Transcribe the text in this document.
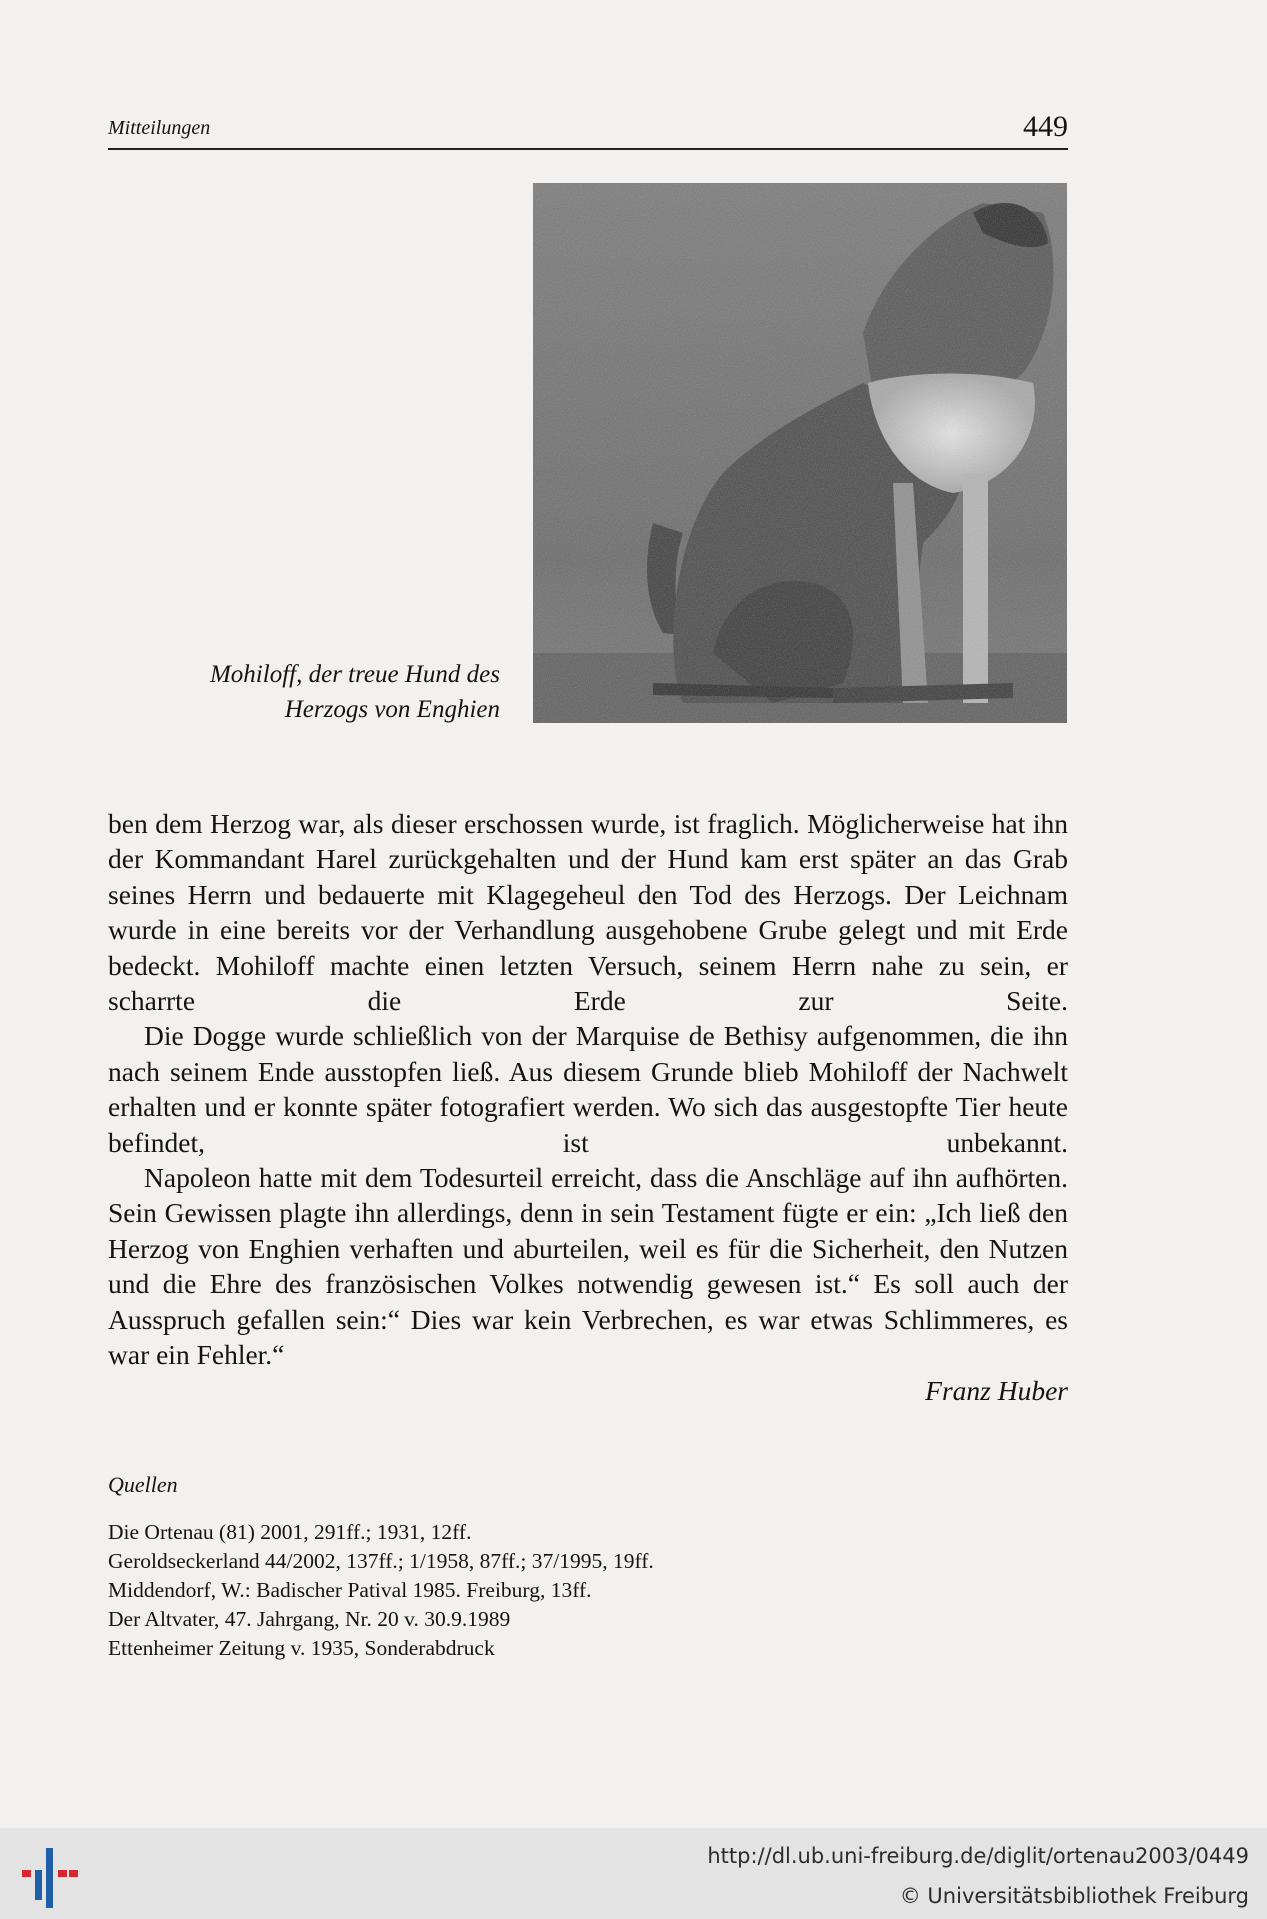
Mitteilungen	449
Mohiloff, der treue Hund des
Herzogs von Enghien

ben dem Herzog war, als dieser erschossen wurde, ist fraglich. Möglicherweise hat ihn der Kommandant Harel zurückgehalten und der Hund kam erst später an das Grab seines Herrn und bedauerte mit Klagegeheul den Tod des Herzogs. Der Leichnam wurde in eine bereits vor der Verhandlung ausgehobene Grube gelegt und mit Erde bedeckt. Mohiloff machte einen letzten Versuch, seinem Herrn nahe zu sein, er scharrte die Erde zur Seite.

Die Dogge wurde schließlich von der Marquise de Bethisy aufgenommen, die ihn nach seinem Ende ausstopfen ließ. Aus diesem Grunde blieb Mohiloff der Nachwelt erhalten und er konnte später fotografiert werden. Wo sich das ausgestopfte Tier heute befindet, ist unbekannt.

Napoleon hatte mit dem Todesurteil erreicht, dass die Anschläge auf ihn aufhörten. Sein Gewissen plagte ihn allerdings, denn in sein Testament fügte er ein: „Ich ließ den Herzog von Enghien verhaften und aburteilen, weil es für die Sicherheit, den Nutzen und die Ehre des französischen Volkes notwendig gewesen ist.“ Es soll auch der Ausspruch gefallen sein:“ Dies war kein Verbrechen, es war etwas Schlimmeres, es war ein Fehler.“

Franz Huber
Quellen
Die Ortenau (81) 2001, 291ff.; 1931, 12ff.
Geroldseckerland 44/2002, 137ff.; 1/1958, 87ff.; 37/1995, 19ff.
Middendorf, W.: Badischer Patival 1985. Freiburg, 13ff.
Der Altvater, 47. Jahrgang, Nr. 20 v. 30.9.1989
Ettenheimer Zeitung v. 1935, Sonderabdruck
http://dl.ub.uni-freiburg.de/diglit/ortenau2003/0449
© Universitätsbibliothek Freiburg
